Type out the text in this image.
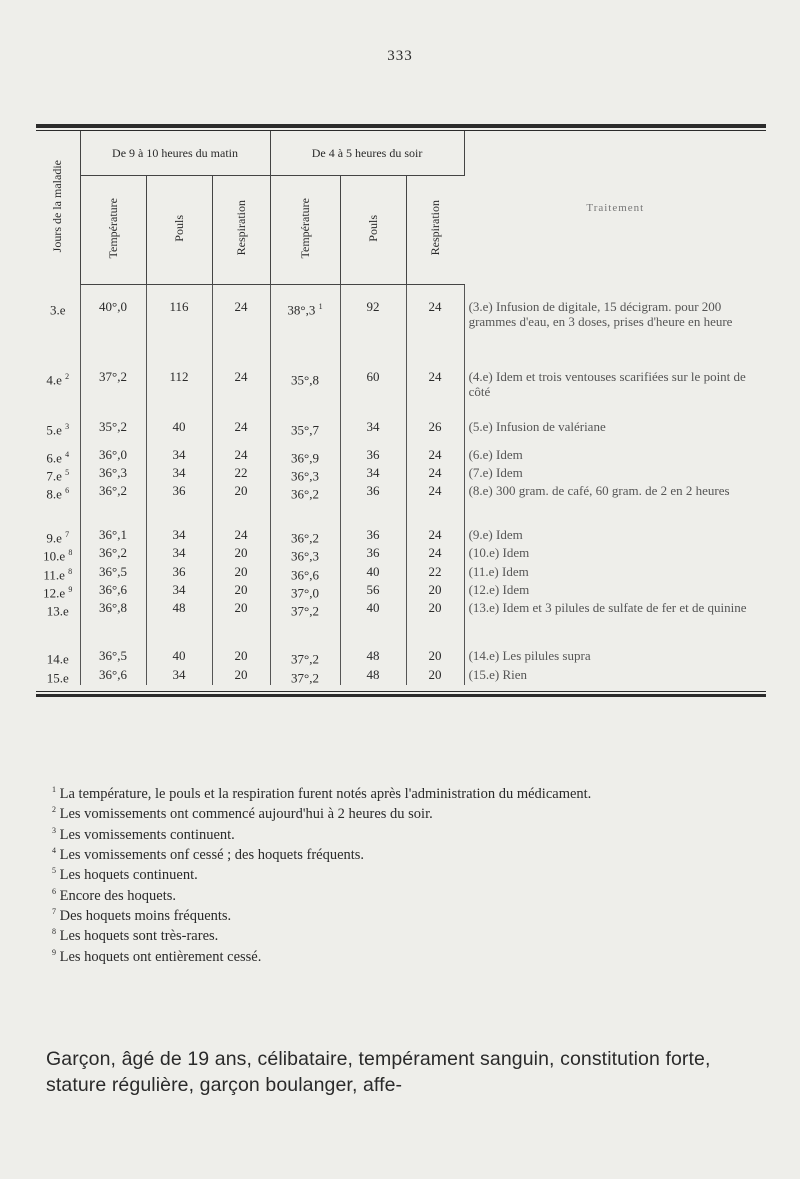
333
Jours de la maladie	De 9 à 10 heures du matin			De 4 à 5 heures du soir			Traitement
	Température	Pouls	Respiration	Température	Pouls	Respiration	
3.e	40°,0	116	24	38°,3 $^1$	92	24	(3.e) Infusion de digitale, 15 décigram. pour 200 grammes d'eau, en 3 doses, prises d'heure en heure
4.e $^2$	37°,2	112	24	35°,8	60	24	(4.e) Idem et trois ventouses scarifiées sur le point de côté
5.e $^3$	35°,2	40	24	35°,7	34	26	(5.e) Infusion de valériane
6.e $^4$	36°,0	34	24	36°,9	36	24	(6.e) Idem
7.e $^5$	36°,3	34	22	36°,3	34	24	(7.e) Idem
8.e $^6$	36°,2	36	20	36°,2	36	24	(8.e) 300 gram. de café, 60 gram. de 2 en 2 heures
9.e $^7$	36°,1	34	24	36°,2	36	24	(9.e) Idem
10.e $^8$	36°,2	34	20	36°,3	36	24	(10.e) Idem
11.e $^8$	36°,5	36	20	36°,6	40	22	(11.e) Idem
12.e $^9$	36°,6	34	20	37°,0	56	20	(12.e) Idem
13.e	36°,8	48	20	37°,2	40	20	(13.e) Idem et 3 pilules de sulfate de fer et de quinine
14.e	36°,5	40	20	37°,2	48	20	(14.e) Les pilules supra
15.e	36°,6	34	20	37°,2	48	20	(15.e) Rien

$^1$ La température, le pouls et la respiration furent notés après l'administration du médicament.

$^2$ Les vomissements ont commencé aujourd'hui à 2 heures du soir.

$^3$ Les vomissements continuent.

$^4$ Les vomissements onf cessé ; des hoquets fréquents.

$^5$ Les hoquets continuent.

$^6$ Encore des hoquets.

$^7$ Des hoquets moins fréquents.

$^8$ Les hoquets sont très-rares.

$^9$ Les hoquets ont entièrement cessé.

Garçon, âgé de 19 ans, célibataire, tempérament sanguin, constitution forte, stature régulière, garçon boulanger, affe-
